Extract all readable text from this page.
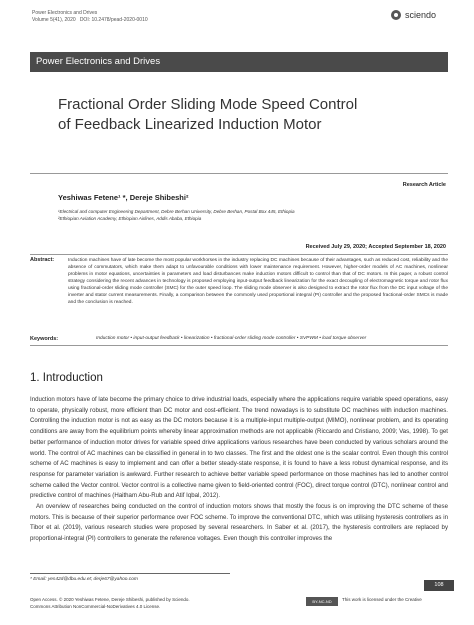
Power Electronics and Drives
Volume 5(41), 2020 DOI: 10.2478/pead-2020-0010	sciendo
Power Electronics and Drives
Fractional Order Sliding Mode Speed Control
of Feedback Linearized Induction Motor
Research Article
Yeshiwas Fetene¹ *, Dereje Shibeshi²
¹Electrical and computer Engineering Department, Debre Berhan University, Debre Berhan, Postal Box 445, Ethiopia
²Ethiopian Aviation Academy, Ethiopian Airlines, Addis Ababa, Ethiopia
Received July 29, 2020; Accepted September 18, 2020
Abstract:	Induction machines have of late become the most popular workhorses in the industry replacing DC machines because of their advantages, such as reduced cost, reliability and the absence of commutators, which make them adapt to unfavourable conditions with lower maintenance requirement. However, higher-order models of AC machines, nonlinear problems in motor equations, uncertainties in parameters and load disturbances make induction motors difficult to control than that of DC motors. In this paper, a robust control strategy considering the recent advances in technology is proposed employing input-output feedback linearization for the exact decoupling of electromagnetic torque and rotor flux using fractional-order sliding mode controller (SMC) for the outer speed loop. The sliding mode observer is also designed to extract the rotor flux from the DC input voltage of the inverter and stator current measurements. Finally, a comparison between the commonly used proportional integral (PI) controller and the proposed fractional-order SMCs is made and the conclusion is reached.
Keywords:	Induction motor • input-output feedback • linearization • fractional-order sliding mode controller • SVPWM • load torque observer
1. Introduction

Induction motors have of late become the primary choice to drive industrial loads, especially where the applications require variable speed operations, easy to operate, physically robust, more efficient than DC motor and cost-efficient. The trend nowadays is to substitute DC machines with induction machines. Controlling the induction motor is not as easy as the DC motors because it is a multiple-input multiple-output (MIMO), nonlinear problem, and its operating conditions are away from the equilibrium points whereby linear approximation methods are not applicable (Riccardo and Cristiano, 2009; Vas, 1998). To get better performance of induction motor drives for variable speed drive applications various researches have been conducted by various scholars around the world. The control of AC machines can be classified in general in to two classes. The first and the oldest one is the scalar control. Even though this control scheme of AC machines is easy to implement and can offer a better steady-state response, it is found to have a less robust dynamical response, and its response for parameter variation is awkward. Further research to achieve better variable speed performance on those machines has led to another control scheme called the Vector control. Vector control is a collective name given to field-oriented control (FOC), direct torque control (DTC), nonlinear control and predictive control of machines (Haitham Abu-Rub and Atif Iqbal, 2012).

An overview of researches being conducted on the control of induction motors shows that mostly the focus is on improving the DTC scheme of these motors. This is because of their superior performance over FOC scheme. To improve the conventional DTC, which was utilising hysteresis controllers as in Tibor et al. (2019), various research studies were proposed by several researchers. In Saber et al. (2017), the hysteresis controllers are replaced by proportional-integral (PI) controllers to generate the reference voltages. Even though this controller improves the

* Email: yes42d@dbu.edu.et; derje67@yahoo.com
Open Access. © 2020 Yeshiwas Fetene, Dereje Shibeshi, published by Sciendo.
Commons Attribution NonCommercial-NoDerivatives 4.0 License.
BY-NC-ND	This work is licensed under the Creative
108
